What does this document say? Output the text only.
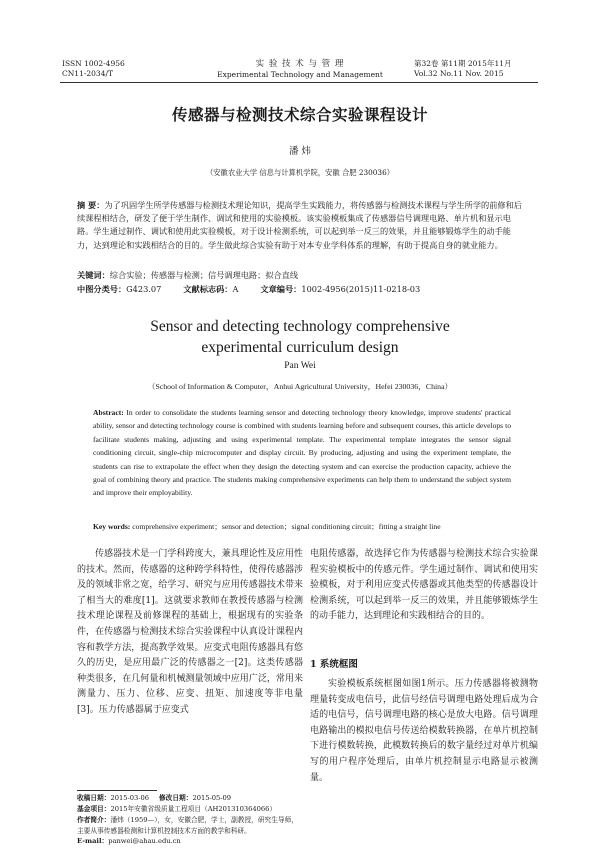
ISSN 1002-4956
CN11-2034/T
实 验 技 术 与 管 理
Experimental Technology and Management
第32卷 第11期 2015年11月
Vol.32 No.11 Nov. 2015
传感器与检测技术综合实验课程设计
潘 炜
（安徽农业大学 信息与计算机学院，安徽 合肥 230036）
摘 要：为了巩固学生所学传感器与检测技术理论知识，提高学生实践能力，将传感器与检测技术课程与学生所学的前修和后续课程相结合，研发了便于学生制作、调试和使用的实验模板。该实验模板集成了传感器信号调理电路、单片机和显示电路。学生通过制作、调试和使用此实验模板，对于设计检测系统，可以起到举一反三的效果，并且能够锻炼学生的动手能力，达到理论和实践相结合的目的。学生做此综合实验有助于对本专业学科体系的理解，有助于提高自身的就业能力。
关键词：综合实验；传感器与检测；信号调理电路；拟合直线
中图分类号：G423.07	文献标志码：A	文章编号：1002-4956(2015)11-0218-03
Sensor and detecting technology comprehensive
experimental curriculum design
Pan Wei
（School of Information & Computer，Anhui Agricultural University，Hefei 230036，China）
Abstract: In order to consolidate the students learning sensor and detecting technology theory knowledge, improve students' practical ability, sensor and detecting technology course is combined with students learning before and subsequent courses, this article develops to facilitate students making, adjusting and using experimental template. The experimental template integrates the sensor signal conditioning circuit, single-chip microcomputer and display circuit. By producing, adjusting and using the experiment template, the students can rise to extrapolate the effect when they design the detecting system and can exercise the production capacity, achieve the goal of combining theory and practice. The students making comprehensive experiments can help them to understand the subject system and improve their employability.
Key words: comprehensive experiment；sensor and detection；signal conditioning circuit；fitting a straight line

传感器技术是一门学科跨度大，兼具理论性及应用性的技术。然而，传感器的这种跨学科特性，使得传感器涉及的领域非常之宽，给学习、研究与应用传感器技术带来了相当大的难度[1]。这就要求教师在教授传感器与检测技术理论课程及前修课程的基础上，根据现有的实验条件，在传感器与检测技术综合实验课程中认真设计课程内容和教学方法，提高教学效果。应变式电阻传感器具有悠久的历史，是应用最广泛的传感器之一[2]。这类传感器种类很多，在几何量和机械测量领域中应用广泛，常用来测量力、压力、位移、应变、扭矩、加速度等非电量[3]。压力传感器属于应变式

电阻传感器，故选择它作为传感器与检测技术综合实验课程实验模板中的传感元件。学生通过制作、调试和使用实验模板，对于利用应变式传感器或其他类型的传感器设计检测系统，可以起到举一反三的效果，并且能够锻炼学生的动手能力，达到理论和实践相结合的目的。

1 系统框图

实验模板系统框图如图1所示。压力传感器将被测物理量转变成电信号，此信号经信号调理电路处理后成为合适的电信号，信号调理电路的核心是放大电路。信号调理电路输出的模拟电信号传送给模数转换器，在单片机控制下进行模数转换，此模数转换后的数字量经过对单片机编写的用户程序处理后，由单片机控制显示电路显示被测量。

收稿日期：2015-03-06 修改日期：2015-05-09
基金项目：2015年安徽省级质量工程项目（AH201310364066）
作者简介：潘炜（1959—），女，安徽合肥，学士，副教授，研究生导师，主要从事传感器检测和计算机控制技术方面的教学和科研。
E-mail：panwei@ahau.edu.cn
